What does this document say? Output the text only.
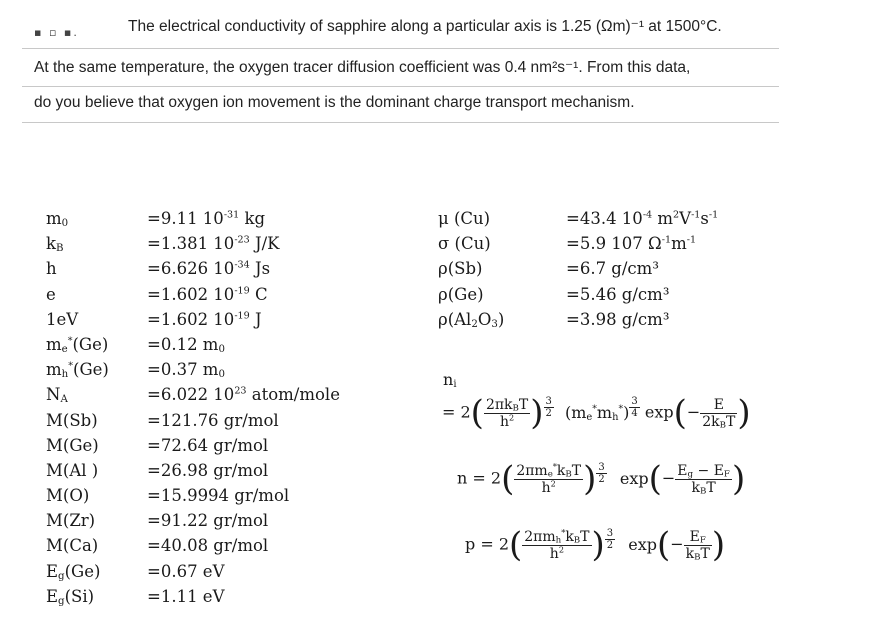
▪ ▫ ▪.	The electrical conductivity of sapphire along a particular axis is 1.25 (Ωm)⁻¹ at 1500°C.
At the same temperature, the oxygen tracer diffusion coefficient was 0.4 nm²s⁻¹. From this data,
do you believe that oxygen ion movement is the dominant charge transport mechanism.
$m_0$	=9.11 $10^{-31}$ kg
$k_B$	=1.381 $10^{-23}$ J/K
h	=6.626 $10^{-34}$ Js
e	=1.602 $10^{-19}$ C
1eV	=1.602 $10^{-19}$ J
$m_e^*(Ge) =0.12$ $m_0$
$m_h^*(Ge) =0.37$ $m_0$
$N_A$	=6.022 $10^{23}$ atom/mole
M(Sb)	=121.76 gr/mol
M(Ge)	=72.64 gr/mol
M(Al )	=26.98 gr/mol
M(O)	=15.9994 gr/mol
M(Zr)	=91.22 gr/mol
M(Ca)	=40.08 gr/mol
$E_g(Ge)$	=0.67 eV
$E_g(Si)$	=1.11 eV
μ (Cu)	=43.4 $10^{-4}$ $m^2V^{-1}s^{-1}$
σ (Cu)	=5.9 107 $\Omega^{-1}m^{-1}$
ρ(Sb)	=6.7 g/cm³
ρ(Ge)	=5.46 g/cm³
$\rho(Al_2O_3)$	=3.98 g/cm³
$n_i$
= $2( \frac{2\pi k_BT}{h^2}$ ) $\frac{3}{2} (m_e^*m_h^*) \frac{3}{4} \exp(- \frac{E}{2k_BT}$ )
$n = 2( \frac{2\pi m_e^*k_BT}{h^2}$ ) $\frac{3}{2} \exp(- \frac{E_g - E_F}{k_BT}$ )
$p = 2( \frac{2\pi m_h^*k_BT}{h^2}$ ) $\frac{3}{2} \exp(- \frac{E_F}{k_BT}$ )
